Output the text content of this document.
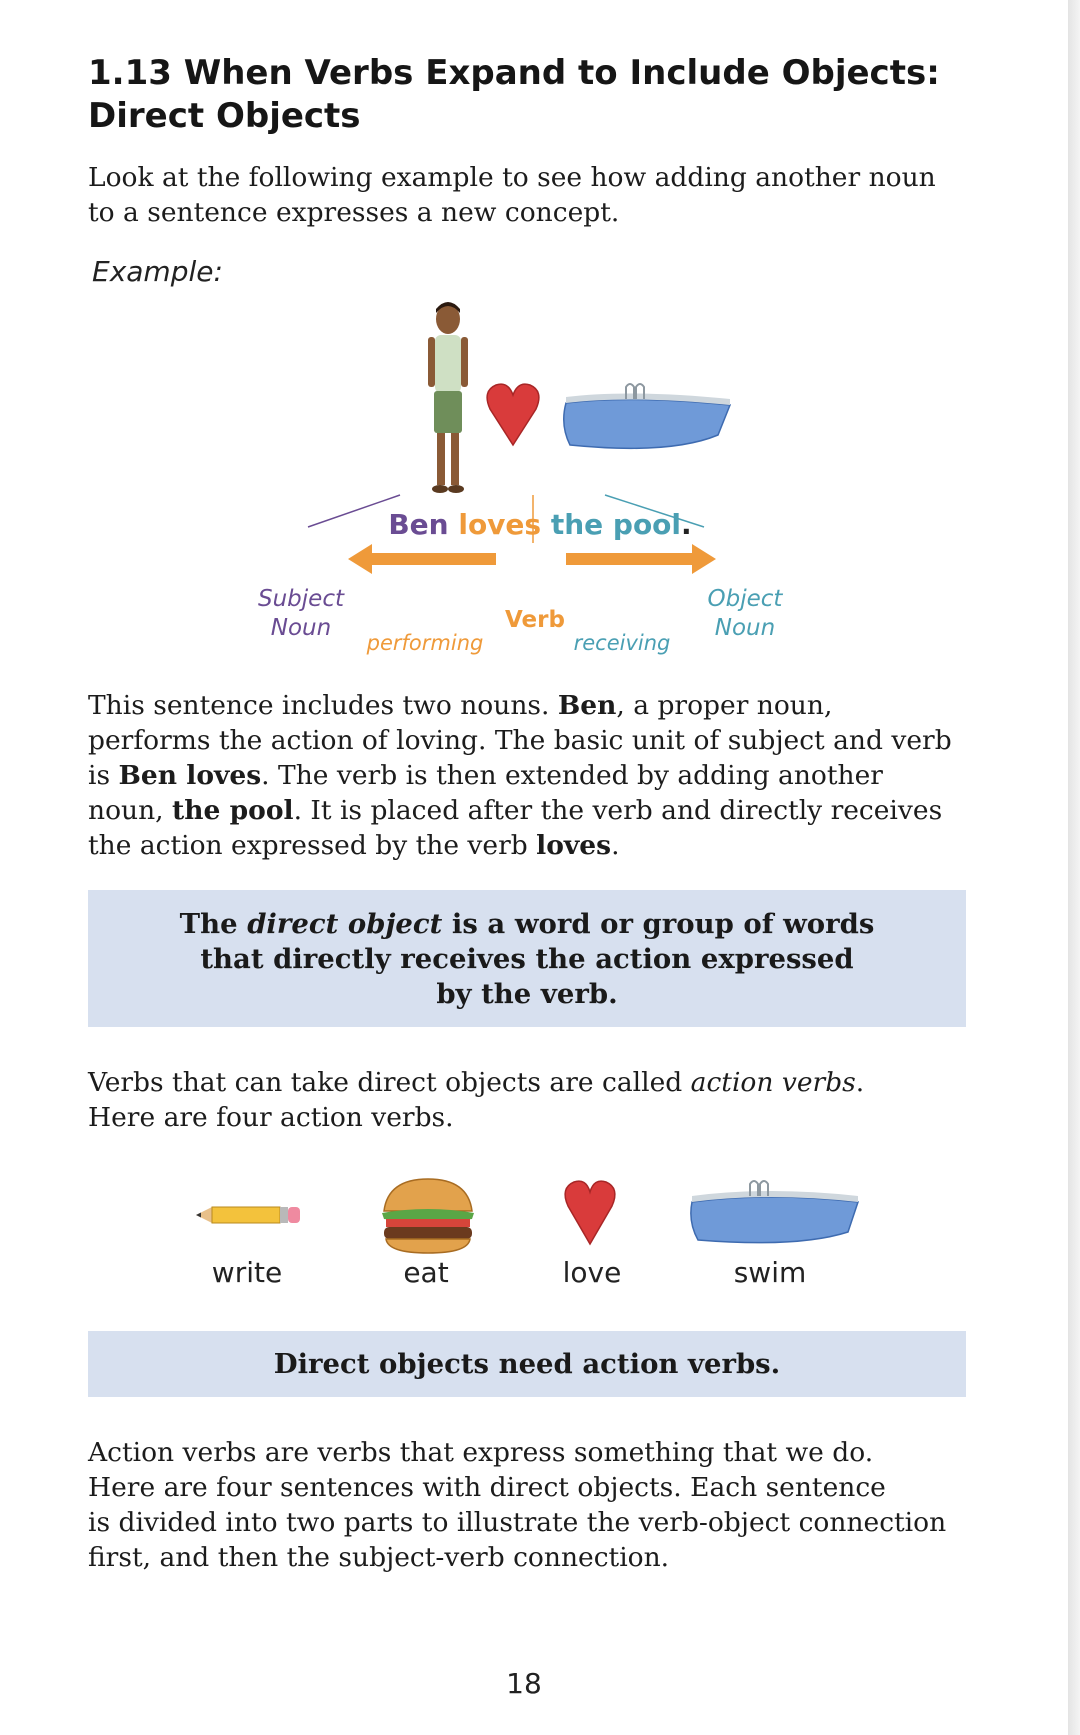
1.13 When Verbs Expand to Include Objects:
Direct Objects
Look at the following example to see how adding another noun
to a sentence expresses a new concept.
Example:
Ben loves the pool.
Subject
Noun	Verb
performing	receiving
Object
Noun
This sentence includes two nouns. Ben, a proper noun,
performs the action of loving. The basic unit of subject and verb
is Ben loves. The verb is then extended by adding another
noun, the pool. It is placed after the verb and directly receives
the action expressed by the verb loves.
The direct object is a word or group of words
that directly receives the action expressed
by the verb.
Verbs that can take direct objects are called action verbs.
Here are four action verbs.
write	eat	love	swim
Direct objects need action verbs.
Action verbs are verbs that express something that we do.
Here are four sentences with direct objects. Each sentence
is divided into two parts to illustrate the verb-object connection
first, and then the subject-verb connection.
18
